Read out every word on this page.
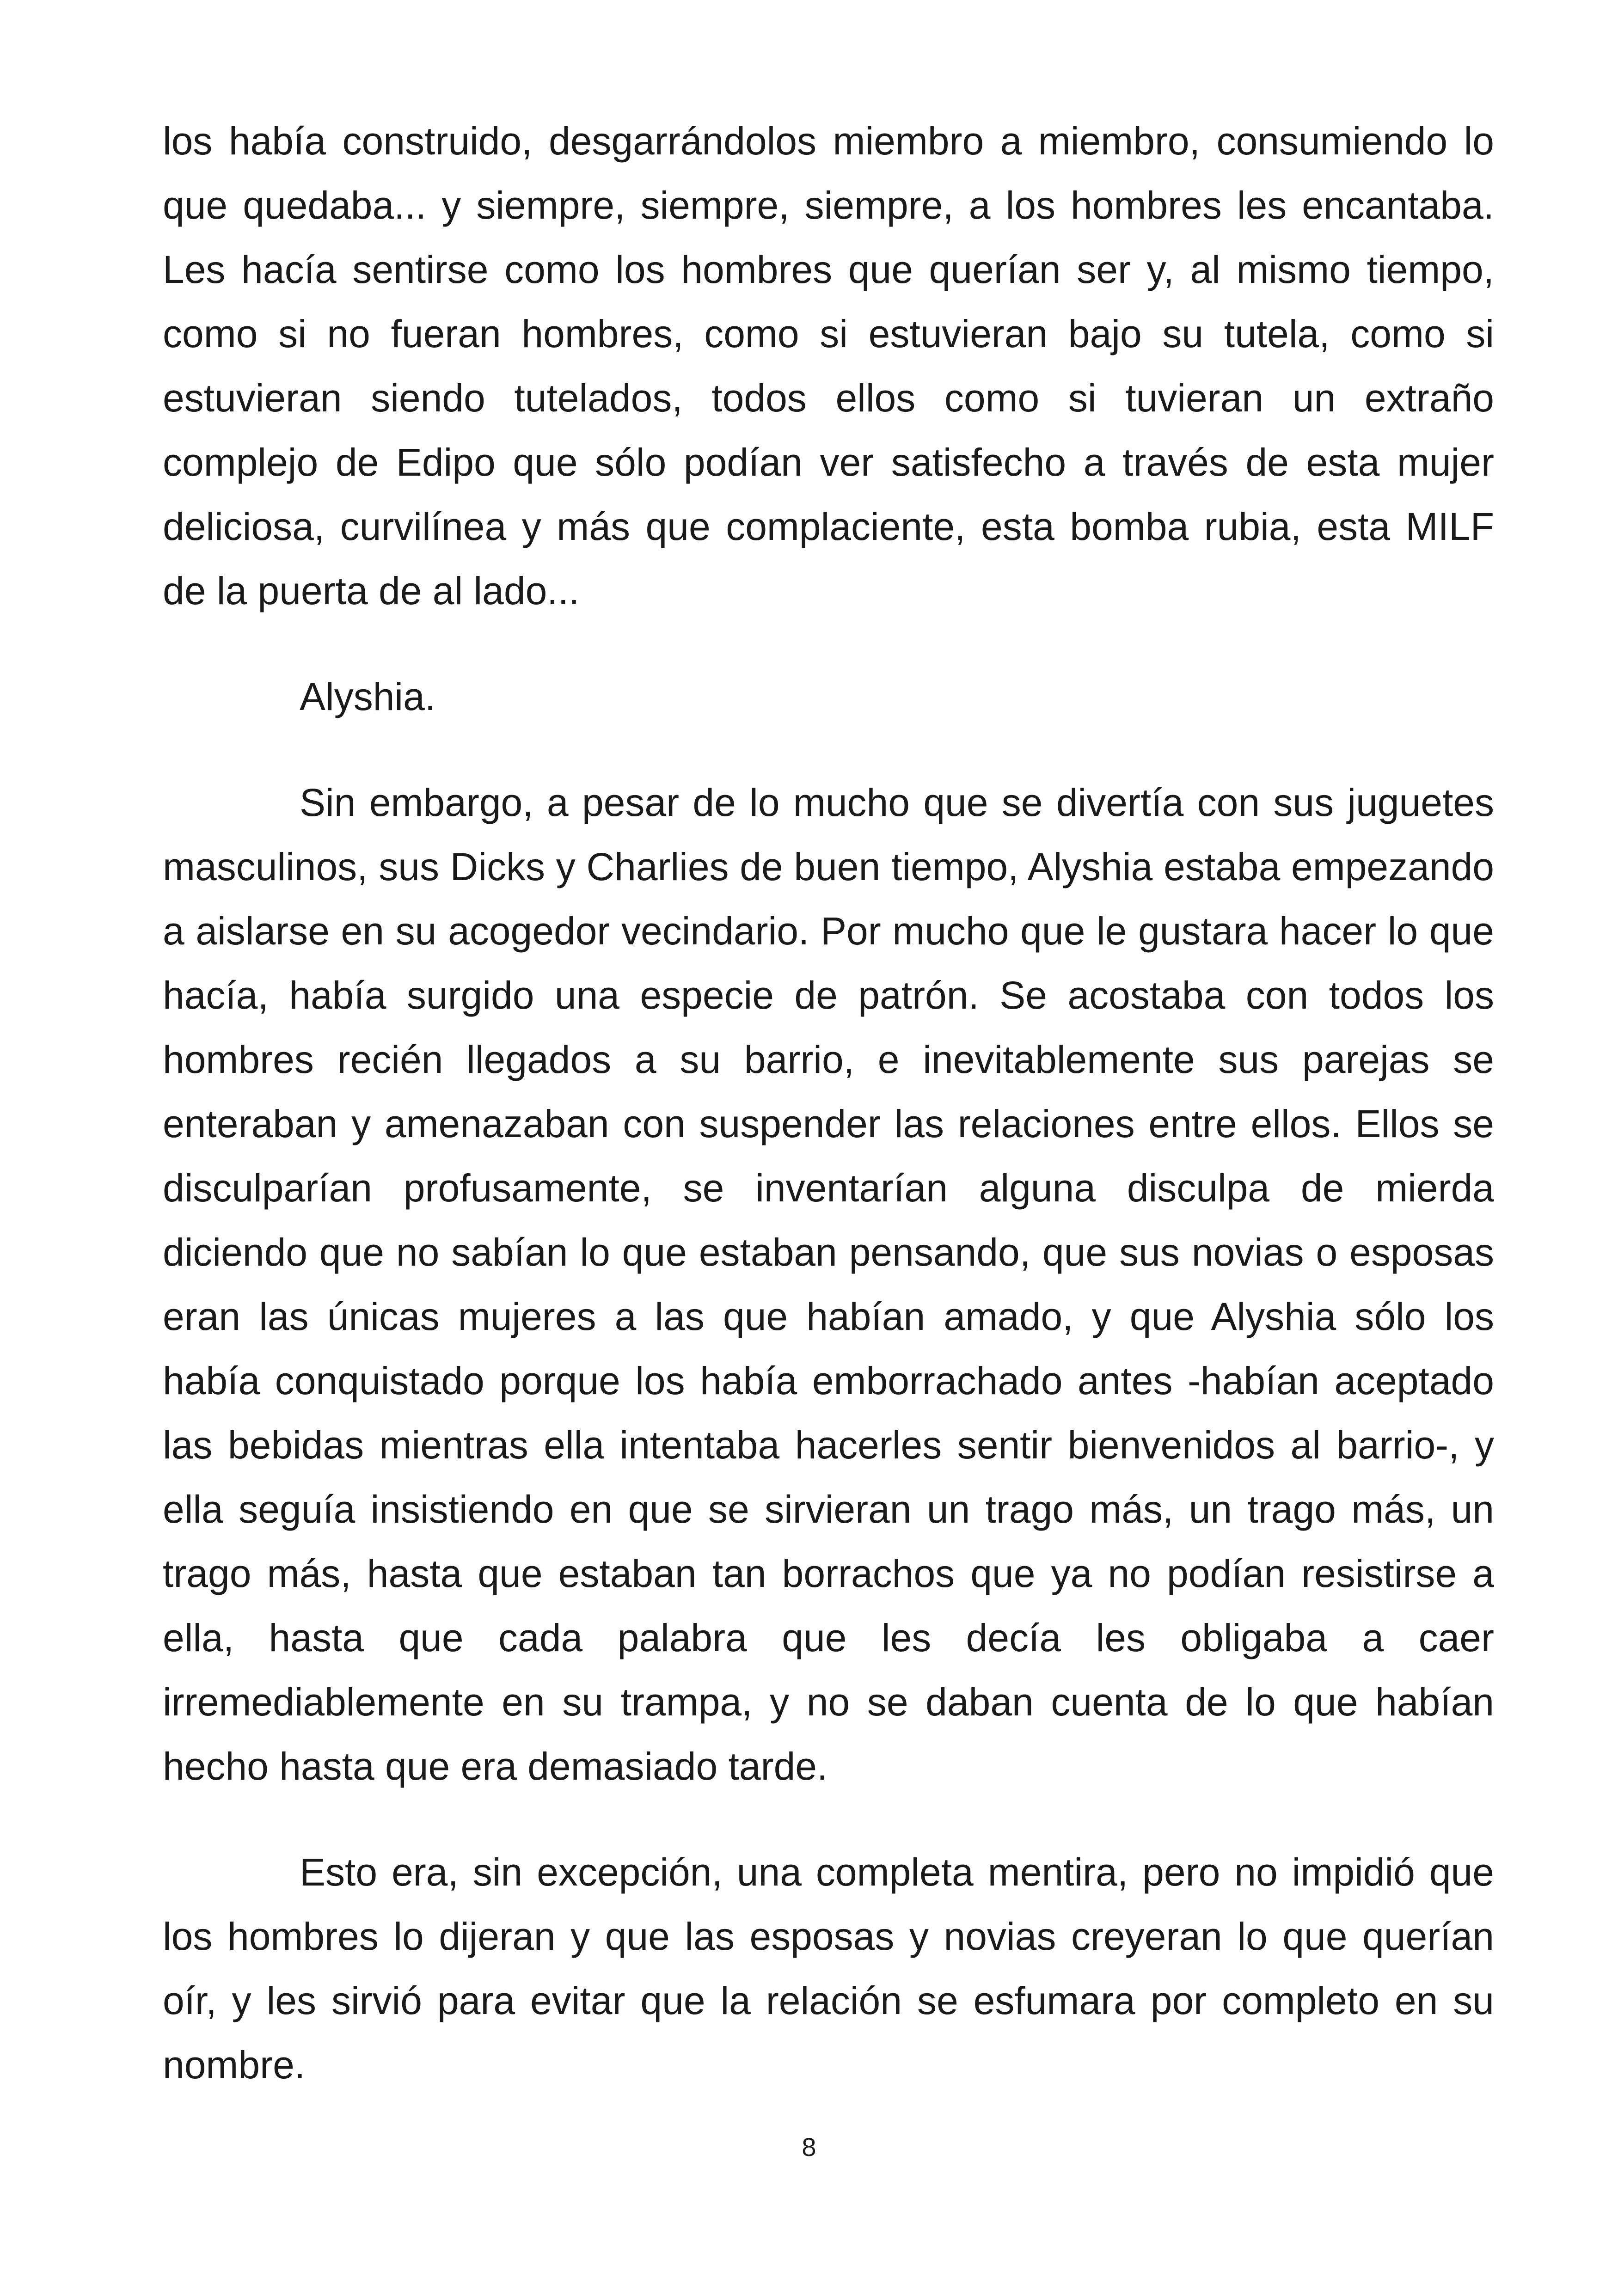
los había construido, desgarrándolos miembro a miembro, consumiendo lo que quedaba... y siempre, siempre, siempre, a los hombres les encantaba. Les hacía sentirse como los hombres que querían ser y, al mismo tiempo, como si no fueran hombres, como si estuvieran bajo su tutela, como si estuvieran siendo tutelados, todos ellos como si tuvieran un extraño complejo de Edipo que sólo podían ver satisfecho a través de esta mujer deliciosa, curvilínea y más que complaciente, esta bomba rubia, esta MILF de la puerta de al lado...

Alyshia.

Sin embargo, a pesar de lo mucho que se divertía con sus juguetes masculinos, sus Dicks y Charlies de buen tiempo, Alyshia estaba empezando a aislarse en su acogedor vecindario. Por mucho que le gustara hacer lo que hacía, había surgido una especie de patrón. Se acostaba con todos los hombres recién llegados a su barrio, e inevitablemente sus parejas se enteraban y amenazaban con suspender las relaciones entre ellos. Ellos se disculparían profusamente, se inventarían alguna disculpa de mierda diciendo que no sabían lo que estaban pensando, que sus novias o esposas eran las únicas mujeres a las que habían amado, y que Alyshia sólo los había conquistado porque los había emborrachado antes -habían aceptado las bebidas mientras ella intentaba hacerles sentir bienvenidos al barrio-, y ella seguía insistiendo en que se sirvieran un trago más, un trago más, un trago más, hasta que estaban tan borrachos que ya no podían resistirse a ella, hasta que cada palabra que les decía les obligaba a caer irremediablemente en su trampa, y no se daban cuenta de lo que habían hecho hasta que era demasiado tarde.

Esto era, sin excepción, una completa mentira, pero no impidió que los hombres lo dijeran y que las esposas y novias creyeran lo que querían oír, y les sirvió para evitar que la relación se esfumara por completo en su nombre.

8
